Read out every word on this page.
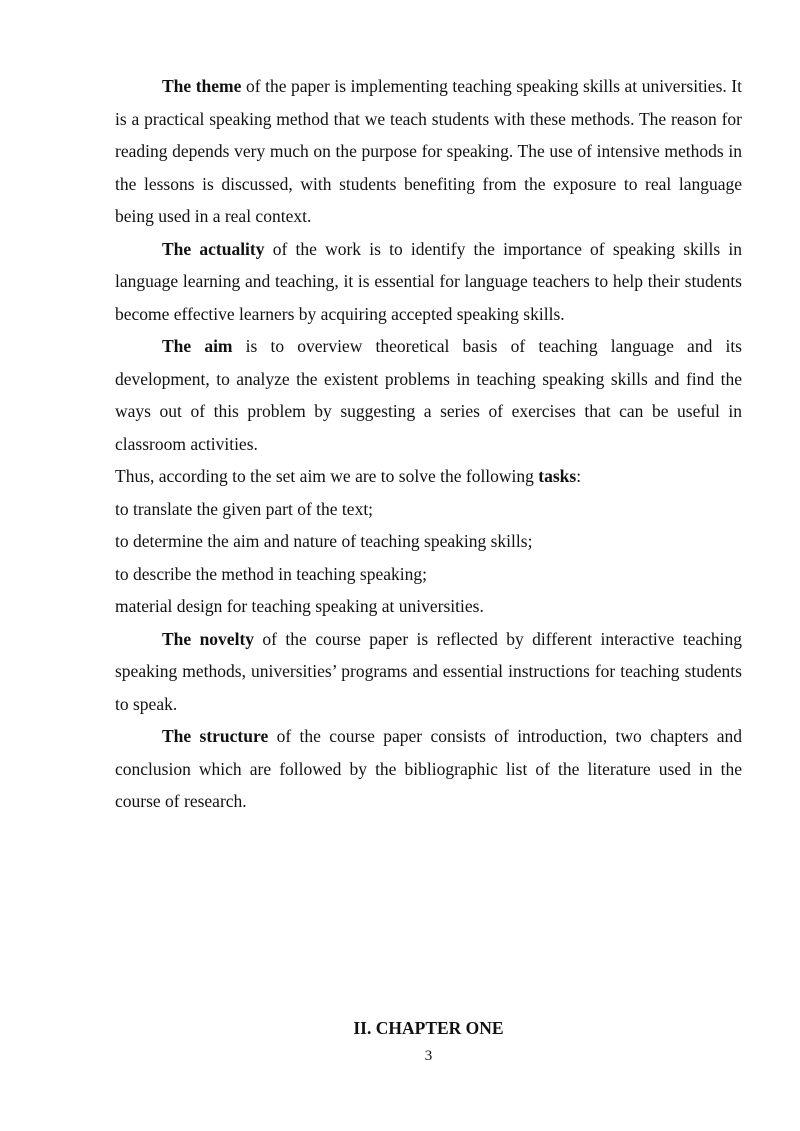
The theme of the paper is implementing teaching speaking skills at universities. It is a practical speaking method that we teach students with these methods. The reason for reading depends very much on the purpose for speaking. The use of intensive methods in the lessons is discussed, with students benefiting from the exposure to real language being used in a real context.

The actuality of the work is to identify the importance of speaking skills in language learning and teaching, it is essential for language teachers to help their students become effective learners by acquiring accepted speaking skills.

The aim is to overview theoretical basis of teaching language and its development, to analyze the existent problems in teaching speaking skills and find the ways out of this problem by suggesting a series of exercises that can be useful in classroom activities.

Thus, according to the set aim we are to solve the following tasks:

to translate the given part of the text;

to determine the aim and nature of teaching speaking skills;

to describe the method in teaching speaking;

material design for teaching speaking at universities.

The novelty of the course paper is reflected by different interactive teaching speaking methods, universities’ programs and essential instructions for teaching students to speak.

The structure of the course paper consists of introduction, two chapters and conclusion which are followed by the bibliographic list of the literature used in the course of research.

II. CHAPTER ONE
3
